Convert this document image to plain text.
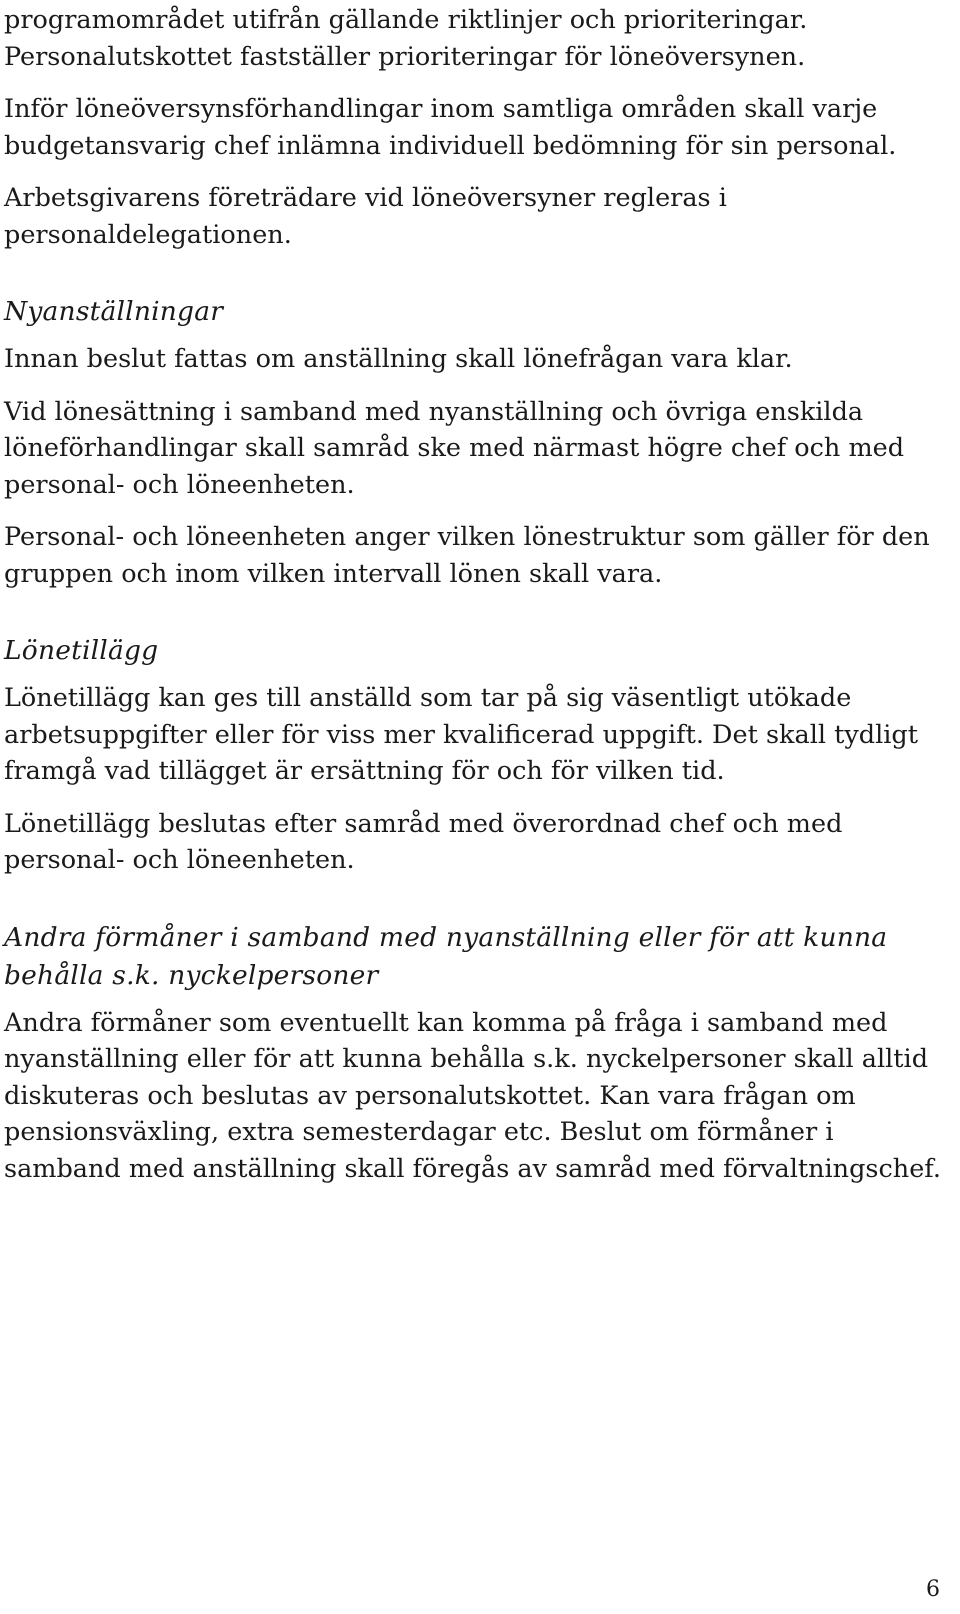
programområdet utifrån gällande riktlinjer och prioriteringar. Personalutskottet fastställer prioriteringar för löneöversynen.

Inför löneöversynsförhandlingar inom samtliga områden skall varje budgetansvarig chef inlämna individuell bedömning för sin personal.

Arbetsgivarens företrädare vid löneöversyner regleras i personaldelegationen.

Nyanställningar

Innan beslut fattas om anställning skall lönefrågan vara klar.

Vid lönesättning i samband med nyanställning och övriga enskilda löneförhandlingar skall samråd ske med närmast högre chef och med personal- och löneenheten.

Personal- och löneenheten anger vilken lönestruktur som gäller för den gruppen och inom vilken intervall lönen skall vara.

Lönetillägg

Lönetillägg kan ges till anställd som tar på sig väsentligt utökade arbetsuppgifter eller för viss mer kvalificerad uppgift. Det skall tydligt framgå vad tillägget är ersättning för och för vilken tid.

Lönetillägg beslutas efter samråd med överordnad chef och med personal- och löneenheten.

Andra förmåner i samband med nyanställning eller för att kunna behålla s.k. nyckelpersoner

Andra förmåner som eventuellt kan komma på fråga i samband med nyanställning eller för att kunna behålla s.k. nyckelpersoner skall alltid diskuteras och beslutas av personalutskottet. Kan vara frågan om pensionsväxling, extra semesterdagar etc. Beslut om förmåner i samband med anställning skall föregås av samråd med förvaltningschef.

6
